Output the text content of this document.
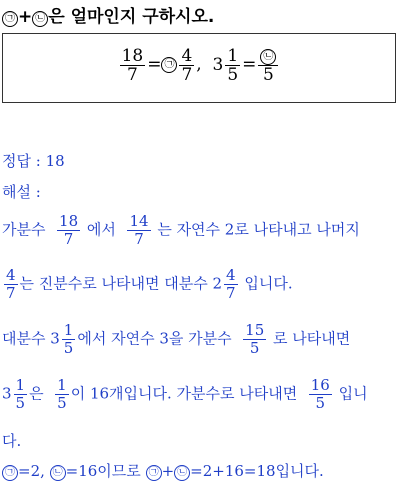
㉠ + ㉡ 은 얼마인지 구하시오.
$\frac{18}{7}$ = ㉠ $\frac{4}{7}$ , $3 \frac{1}{5} = \frac{㉡}{5}$
정답 : 18
해설 :
가분수 $\frac{18}{7}$ 에서 $\frac{14}{7}$ 는 자연수 2로 나타내고 나머지
$\frac{4}{7}$ 는 진분수로 나타내면 대분수 $2 \frac{4}{7}$ 입니다.
대분수 $3 \frac{1}{5}$ 에서 자연수 3을 가분수 $\frac{15}{5}$ 로 나타내면
$3 \frac{1}{5}$ 은 $\frac{1}{5}$ 이 16개입니다. 가분수로 나타내면 $\frac{16}{5}$ 입니
다.
㉠ =2, ㉡ =16이므로 ㉠ + ㉡ =2+16=18입니다.
